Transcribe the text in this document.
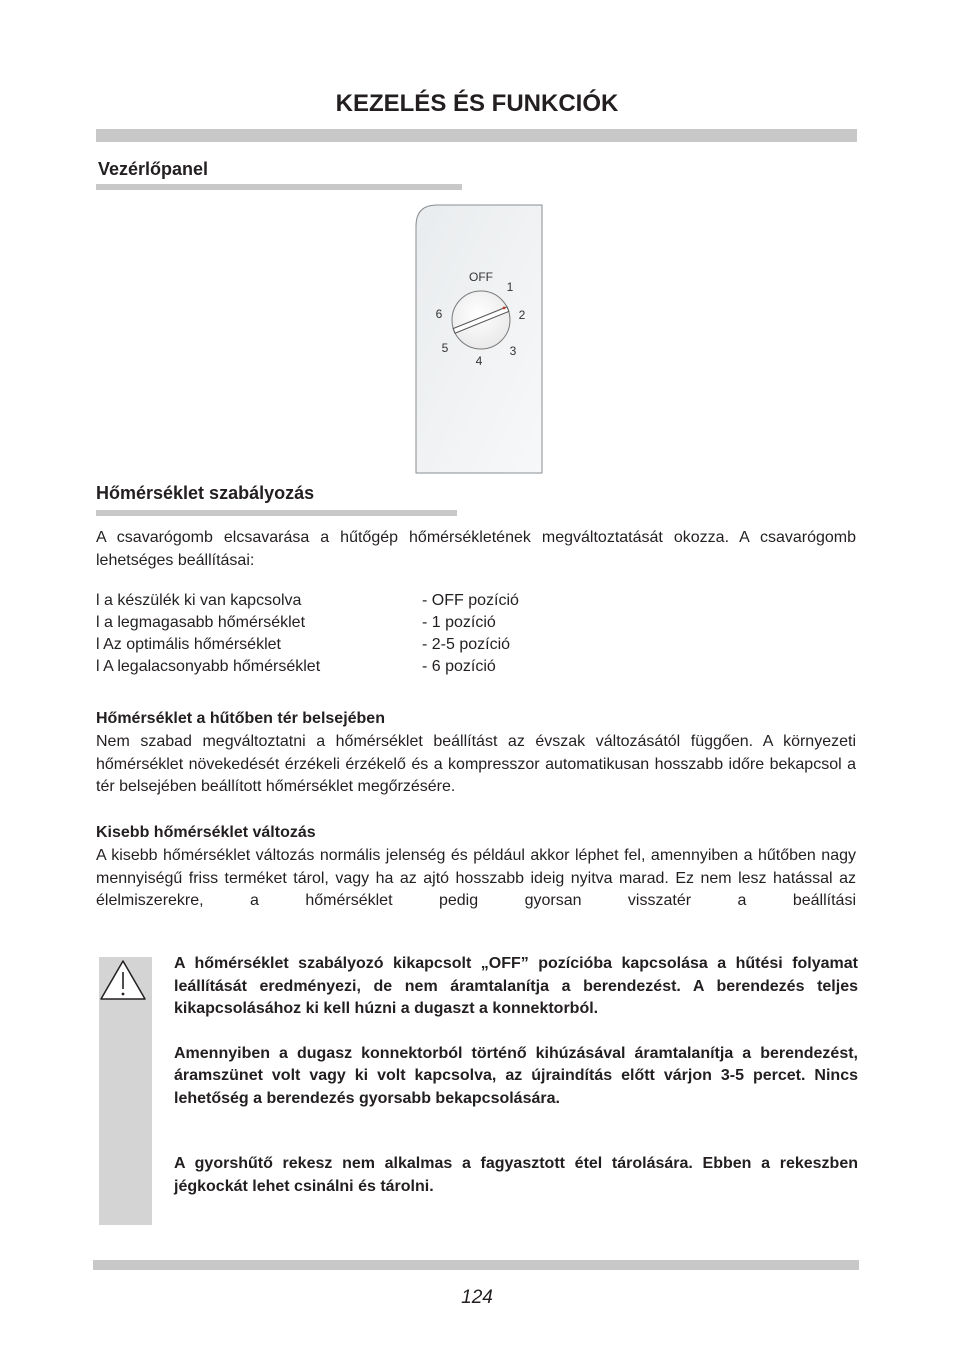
KEZELÉS ÉS FUNKCIÓK
Vezérlőpanel
OFF
1
2
3
4
5
6
Hőmérséklet szabályozás
A csavarógomb elcsavarása a hűtőgép hőmérsékletének megváltoztatását okozza. A csavarógomb lehetséges beállításai:
l a készülék ki van kapcsolva	- OFF pozíció
l a legmagasabb hőmérséklet	- 1 pozíció
l Az optimális hőmérséklet	- 2-5 pozíció
l A legalacsonyabb hőmérséklet	- 6 pozíció
Hőmérséklet a hűtőben tér belsejében
Nem szabad megváltoztatni a hőmérséklet beállítást az évszak változásától függően. A környezeti hőmérséklet növekedését érzékeli érzékelő és a kompresszor automatikusan hosszabb időre bekapcsol a tér belsejében beállított hőmérséklet megőrzésére.
Kisebb hőmérséklet változás
A kisebb hőmérséklet változás normális jelenség és például akkor léphet fel, amennyiben a hűtőben nagy mennyiségű friss terméket tárol, vagy ha az ajtó hosszabb ideig nyitva marad. Ez nem lesz hatással az élelmiszerekre, a hőmérséklet pedig gyorsan visszatér a beállítási

A hőmérséklet szabályozó kikapcsolt „OFF” pozícióba kapcsolása a hűtési folyamat leállítását eredményezi, de nem áramtalanítja a berendezést. A berendezés teljes kikapcsolásához ki kell húzni a dugaszt a konnektorból.

Amennyiben a dugasz konnektorból történő kihúzásával áramtalanítja a berendezést, áramszünet volt vagy ki volt kapcsolva, az újraindítás előtt várjon 3-5 percet. Nincs lehetőség a berendezés gyorsabb bekapcsolására.

A gyorshűtő rekesz nem alkalmas a fagyasztott étel tárolására. Ebben a rekeszben jégkockát lehet csinálni és tárolni.

124
